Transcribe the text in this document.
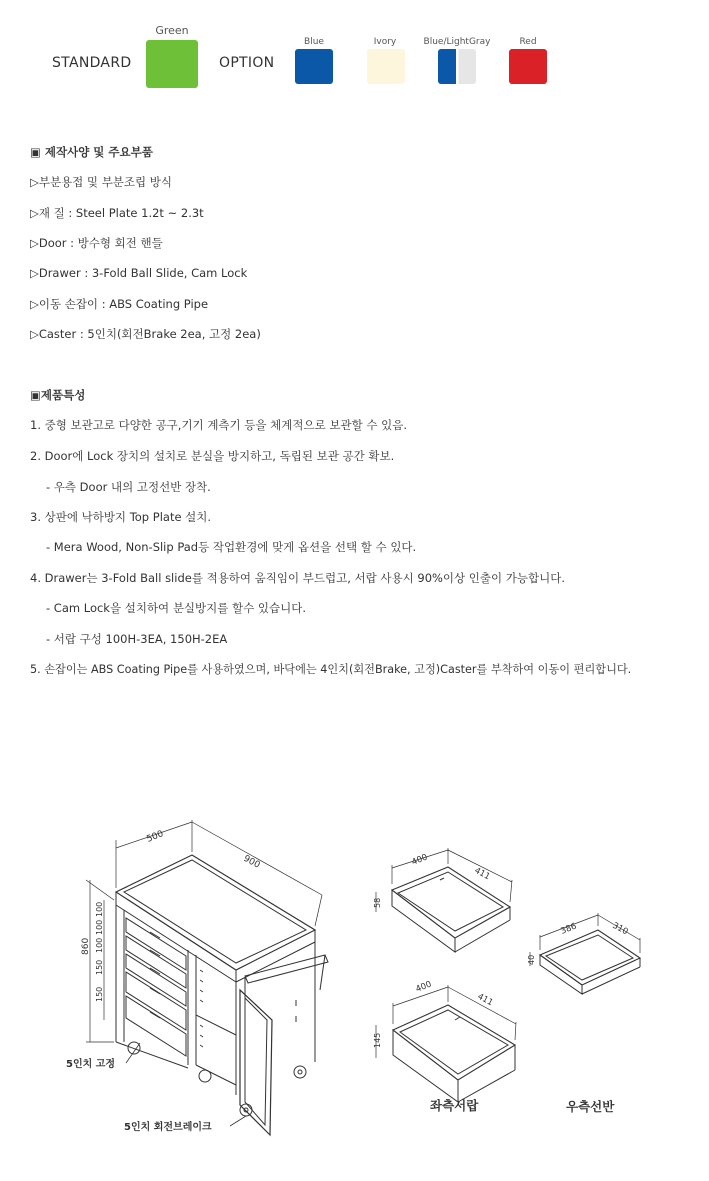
STANDARD
Green
OPTION
Blue	Ivory	Blue/LightGray	Red
▣ 제작사양 및 주요부품
▷부분용접 및 부분조립 방식
▷재 질 : Steel Plate 1.2t ~ 2.3t
▷Door : 방수형 회전 핸들
▷Drawer : 3-Fold Ball Slide, Cam Lock
▷이동 손잡이 : ABS Coating Pipe
▷Caster : 5인치(회전Brake 2ea, 고정 2ea)
▣제품특성
1. 중형 보관고로 다양한 공구,기기 계측기 등을 체계적으로 보관할 수 있음.
2. Door에 Lock 장치의 설치로 분실을 방지하고, 독립된 보관 공간 확보.
- 우측 Door 내의 고정선반 장착.
3. 상판에 낙하방지 Top Plate 설치.
- Mera Wood, Non-Slip Pad등 작업환경에 맞게 옵션을 선택 할 수 있다.
4. Drawer는 3-Fold Ball slide를 적용하여 움직임이 부드럽고, 서랍 사용시 90%이상 인출이 가능합니다.
- Cam Lock을 설치하여 분실방지를 할수 있습니다.
- 서랍 구성 100H-3EA, 150H-2EA
5. 손잡이는 ABS Coating Pipe를 사용하였으며, 바닥에는 4인치(회전Brake, 고정)Caster를 부착하여 이동이 편리합니다.
500
900
860
100
100
100
150
150
400
411
58
400
411
145
386	310
40
5인치 고정
5인치 회전브레이크
좌측서랍	우측선반
